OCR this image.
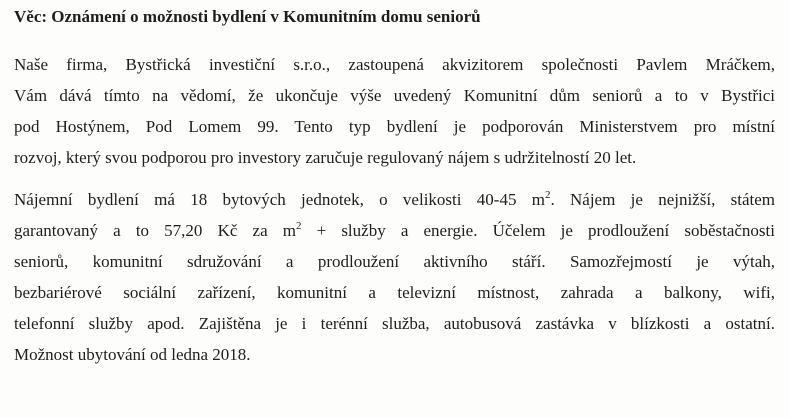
Věc: Oznámení o možnosti bydlení v Komunitním domu seniorů
Naše firma, Bystřická investiční s.r.o., zastoupená akvizitorem společnosti Pavlem Mráčkem,
Vám dává tímto na vědomí, že ukončuje výše uvedený Komunitní dům seniorů a to v Bystřici
pod Hostýnem, Pod Lomem 99. Tento typ bydlení je podporován Ministerstvem pro místní
rozvoj, který svou podporou pro investory zaručuje regulovaný nájem s udržitelností 20 let.
Nájemní bydlení má 18 bytových jednotek, o velikosti 40-45 $m^2$. Nájem je nejnižší, státem
garantovaný a to 57,20 Kč za $m^2$ + služby a energie. Účelem je prodloužení soběstačnosti
seniorů, komunitní sdružování a prodloužení aktivního stáří. Samozřejmostí je výtah,
bezbariérové sociální zařízení, komunitní a televizní místnost, zahrada a balkony, wifi,
telefonní služby apod. Zajištěna je i terénní služba, autobusová zastávka v blízkosti a ostatní.
Možnost ubytování od ledna 2018.
